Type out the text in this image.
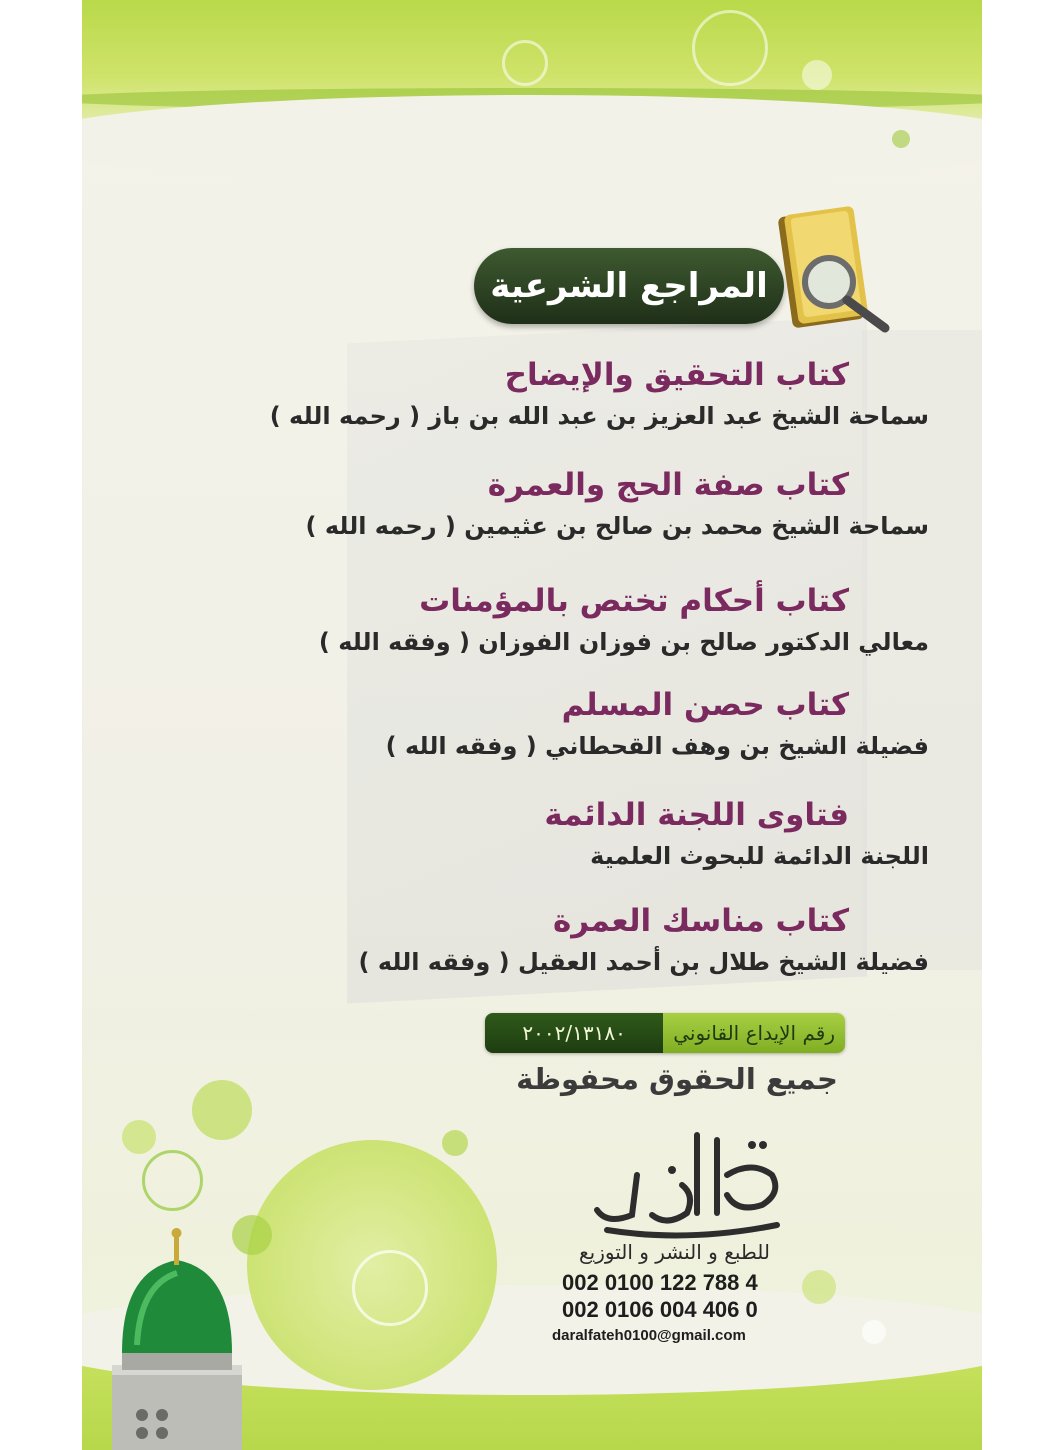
المراجع الشرعية
كتاب التحقيق والإيضاح
سماحة الشيخ عبد العزيز بن عبد الله بن باز ( رحمه الله )
كتاب صفة الحج والعمرة
سماحة الشيخ محمد بن صالح بن عثيمين ( رحمه الله )
كتاب أحكام تختص بالمؤمنات
معالي الدكتور صالح بن فوزان الفوزان ( وفقه الله )
كتاب حصن المسلم
فضيلة الشيخ بن وهف القحطاني ( وفقه الله )
فتاوى اللجنة الدائمة
اللجنة الدائمة للبحوث العلمية
كتاب مناسك العمرة
فضيلة الشيخ طلال بن أحمد العقيل ( وفقه الله )
رقم الإيداع القانوني
٢٠٠٢/١٣١٨٠
جميع الحقوق محفوظة
للطبع و النشر و التوزيع
002 0100 122 788 4
002 0106 004 406 0
daralfateh0100@gmail.com
